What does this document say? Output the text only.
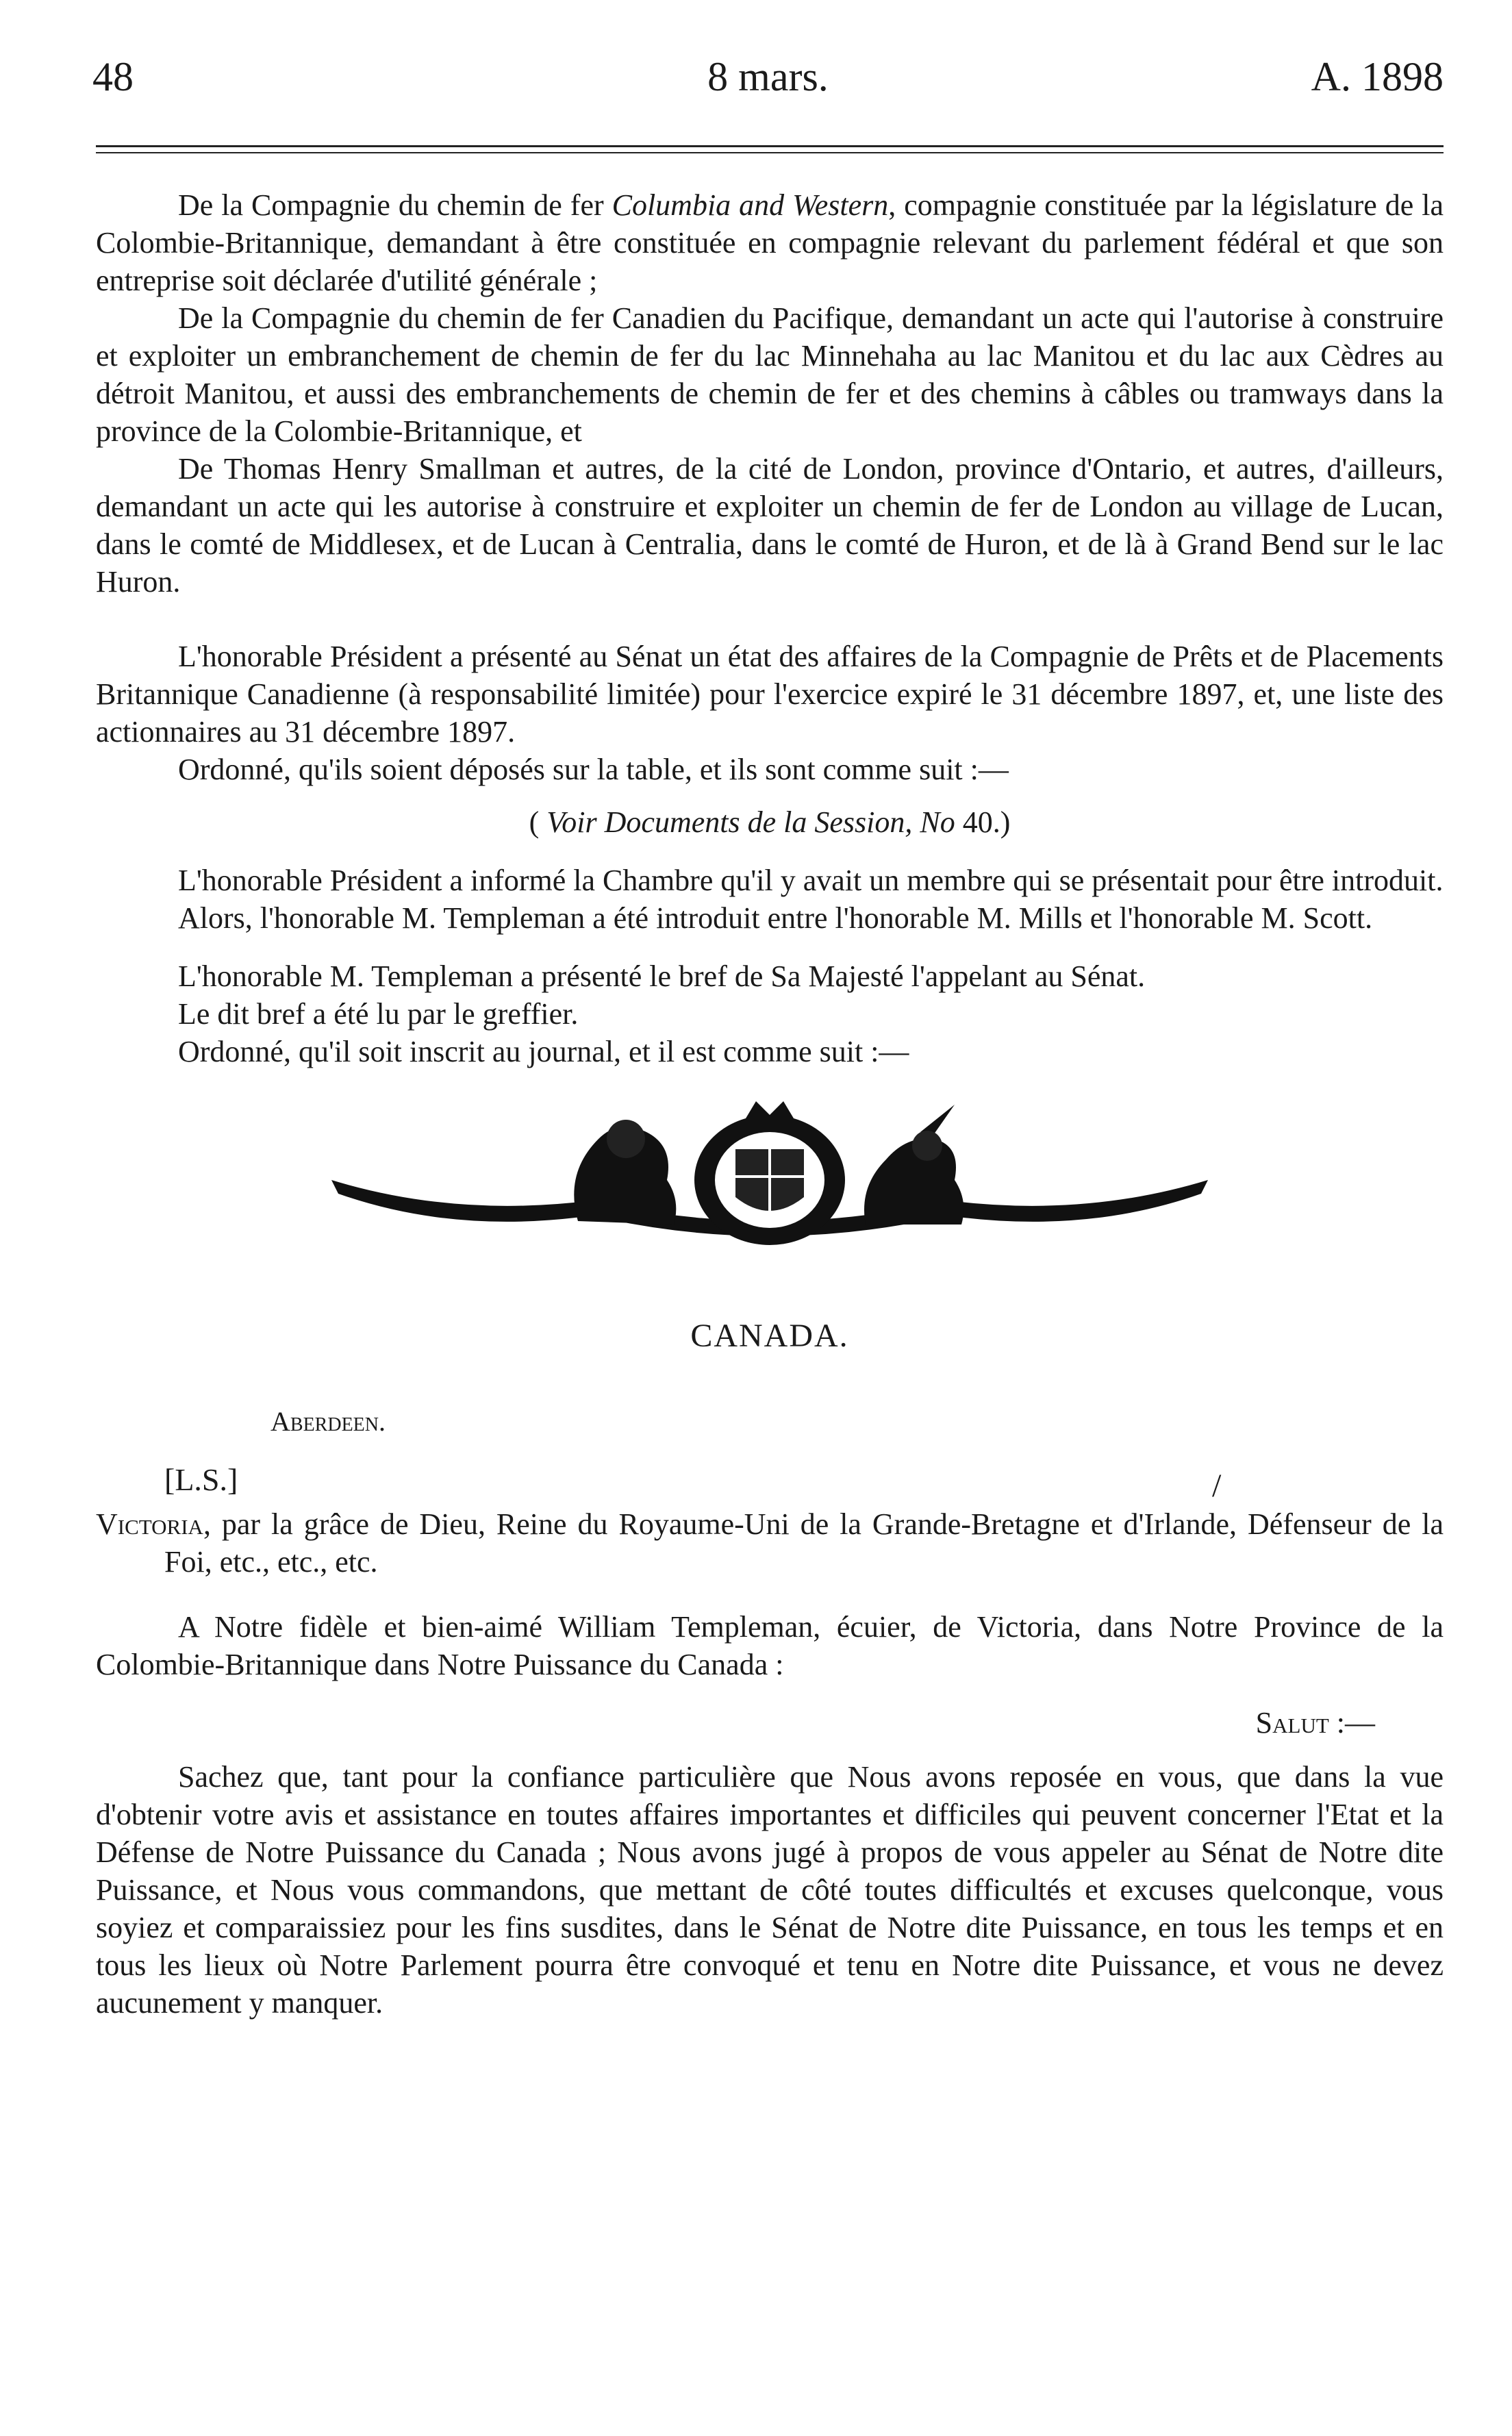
48	8 mars.	A. 1898

De la Compagnie du chemin de fer Columbia and Western, compagnie constituée par la législature de la Colombie-Britannique, demandant à être constituée en compagnie relevant du parlement fédéral et que son entreprise soit déclarée d'utilité générale ;

De la Compagnie du chemin de fer Canadien du Pacifique, demandant un acte qui l'autorise à construire et exploiter un embranchement de chemin de fer du lac Minnehaha au lac Manitou et du lac aux Cèdres au détroit Manitou, et aussi des embranchements de chemin de fer et des chemins à câbles ou tramways dans la province de la Colombie-Britannique, et

De Thomas Henry Smallman et autres, de la cité de London, province d'Ontario, et autres, d'ailleurs, demandant un acte qui les autorise à construire et exploiter un chemin de fer de London au village de Lucan, dans le comté de Middlesex, et de Lucan à Centralia, dans le comté de Huron, et de là à Grand Bend sur le lac Huron.

L'honorable Président a présenté au Sénat un état des affaires de la Compagnie de Prêts et de Placements Britannique Canadienne (à responsabilité limitée) pour l'exercice expiré le 31 décembre 1897, et, une liste des actionnaires au 31 décembre 1897.

Ordonné, qu'ils soient déposés sur la table, et ils sont comme suit :—

( Voir Documents de la Session, No 40.)

L'honorable Président a informé la Chambre qu'il y avait un membre qui se présentait pour être introduit.

Alors, l'honorable M. Templeman a été introduit entre l'honorable M. Mills et l'honorable M. Scott.

L'honorable M. Templeman a présenté le bref de Sa Majesté l'appelant au Sénat.

Le dit bref a été lu par le greffier.

Ordonné, qu'il soit inscrit au journal, et il est comme suit :—

CANADA.
Aberdeen.
[L.S.]

Victoria, par la grâce de Dieu, Reine du Royaume-Uni de la Grande-Bretagne et d'Irlande, Défenseur de la Foi, etc., etc., etc.

A Notre fidèle et bien-aimé William Templeman, écuier, de Victoria, dans Notre Province de la Colombie-Britannique dans Notre Puissance du Canada :

Salut :—

Sachez que, tant pour la confiance particulière que Nous avons reposée en vous, que dans la vue d'obtenir votre avis et assistance en toutes affaires importantes et difficiles qui peuvent concerner l'Etat et la Défense de Notre Puissance du Canada ; Nous avons jugé à propos de vous appeler au Sénat de Notre dite Puissance, et Nous vous commandons, que mettant de côté toutes difficultés et excuses quelconque, vous soyiez et comparaissiez pour les fins susdites, dans le Sénat de Notre dite Puissance, en tous les temps et en tous les lieux où Notre Parlement pourra être convoqué et tenu en Notre dite Puissance, et vous ne devez aucunement y manquer.

/
